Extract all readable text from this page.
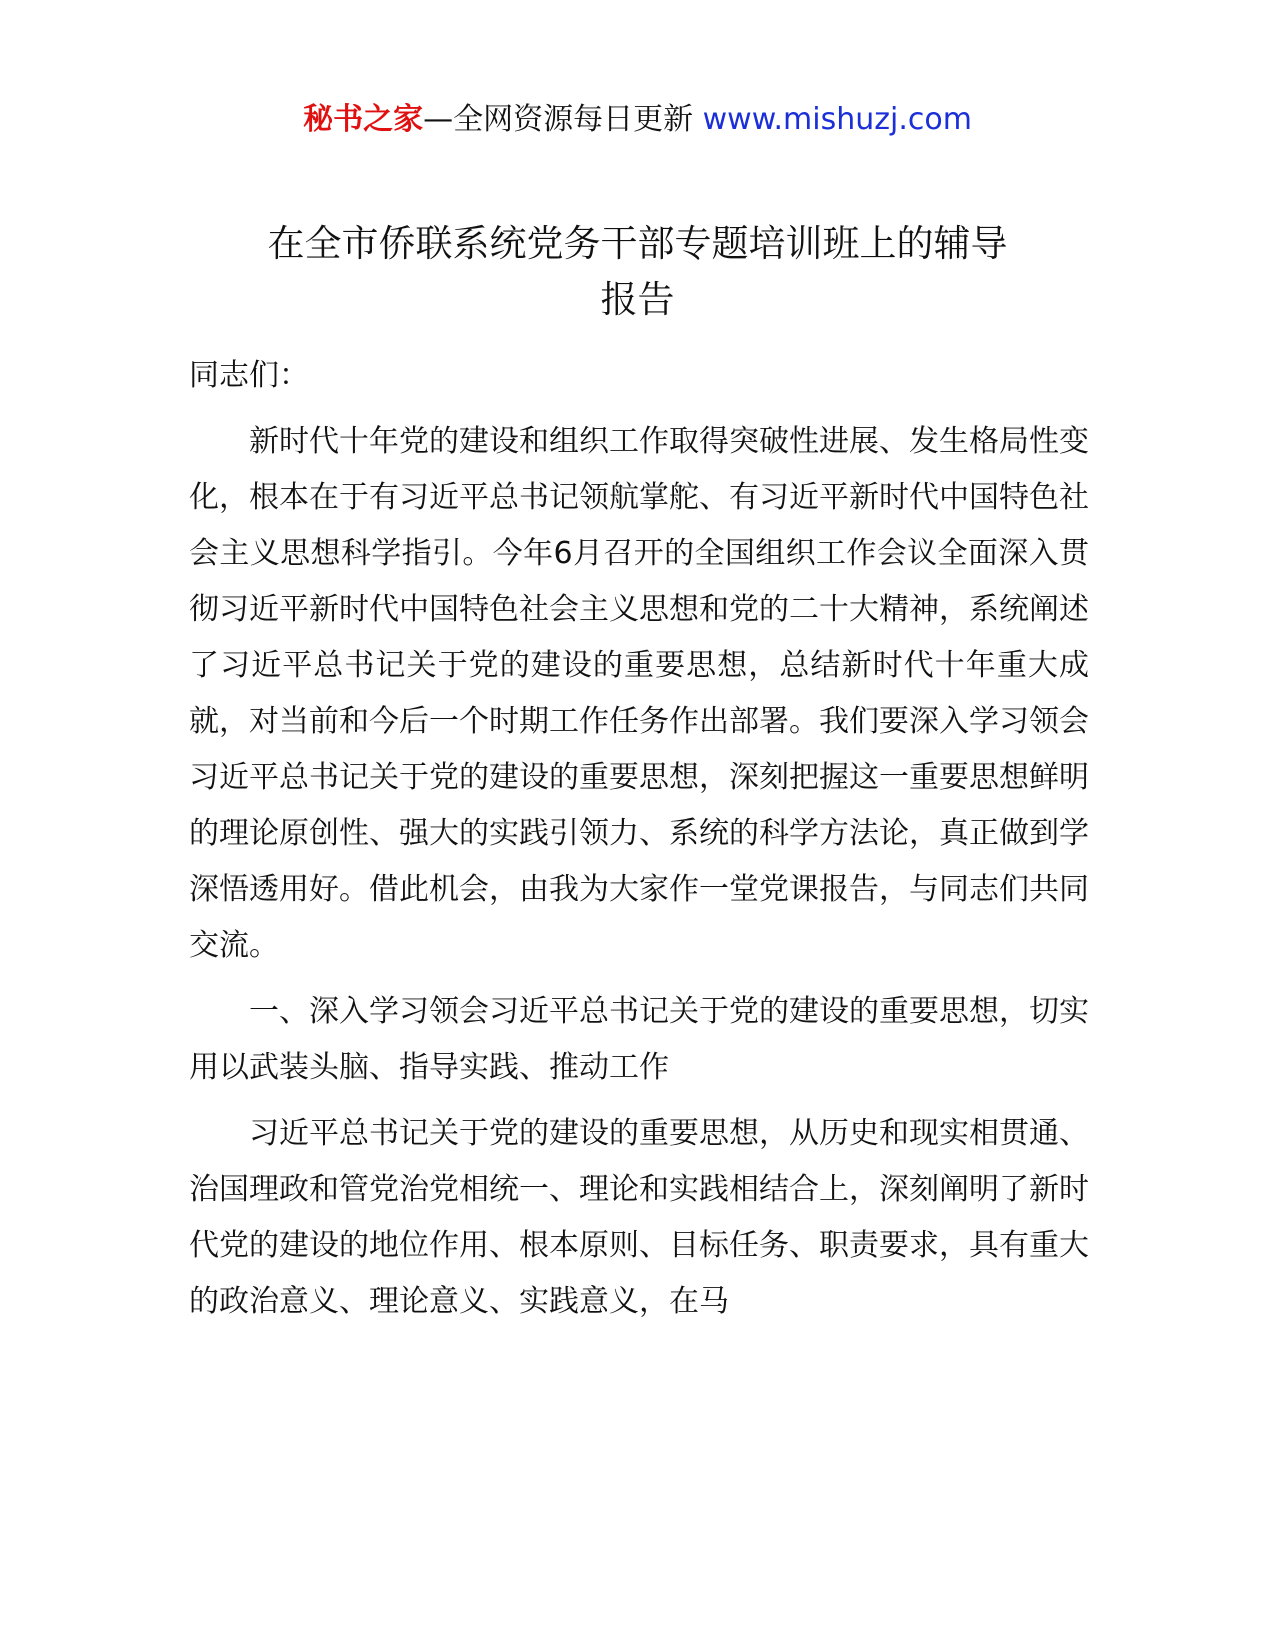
秘书之家—全网资源每日更新 www.mishuzj.com
在全市侨联系统党务干部专题培训班上的辅导
报告

同志们：

新时代十年党的建设和组织工作取得突破性进展、发生格局性变化，根本在于有习近平总书记领航掌舵、有习近平新时代中国特色社会主义思想科学指引。今年6月召开的全国组织工作会议全面深入贯彻习近平新时代中国特色社会主义思想和党的二十大精神，系统阐述了习近平总书记关于党的建设的重要思想，总结新时代十年重大成就，对当前和今后一个时期工作任务作出部署。我们要深入学习领会习近平总书记关于党的建设的重要思想，深刻把握这一重要思想鲜明的理论原创性、强大的实践引领力、系统的科学方法论，真正做到学深悟透用好。借此机会，由我为大家作一堂党课报告，与同志们共同交流。

一、深入学习领会习近平总书记关于党的建设的重要思想，切实用以武装头脑、指导实践、推动工作

习近平总书记关于党的建设的重要思想，从历史和现实相贯通、治国理政和管党治党相统一、理论和实践相结合上，深刻阐明了新时代党的建设的地位作用、根本原则、目标任务、职责要求，具有重大的政治意义、理论意义、实践意义，在马
